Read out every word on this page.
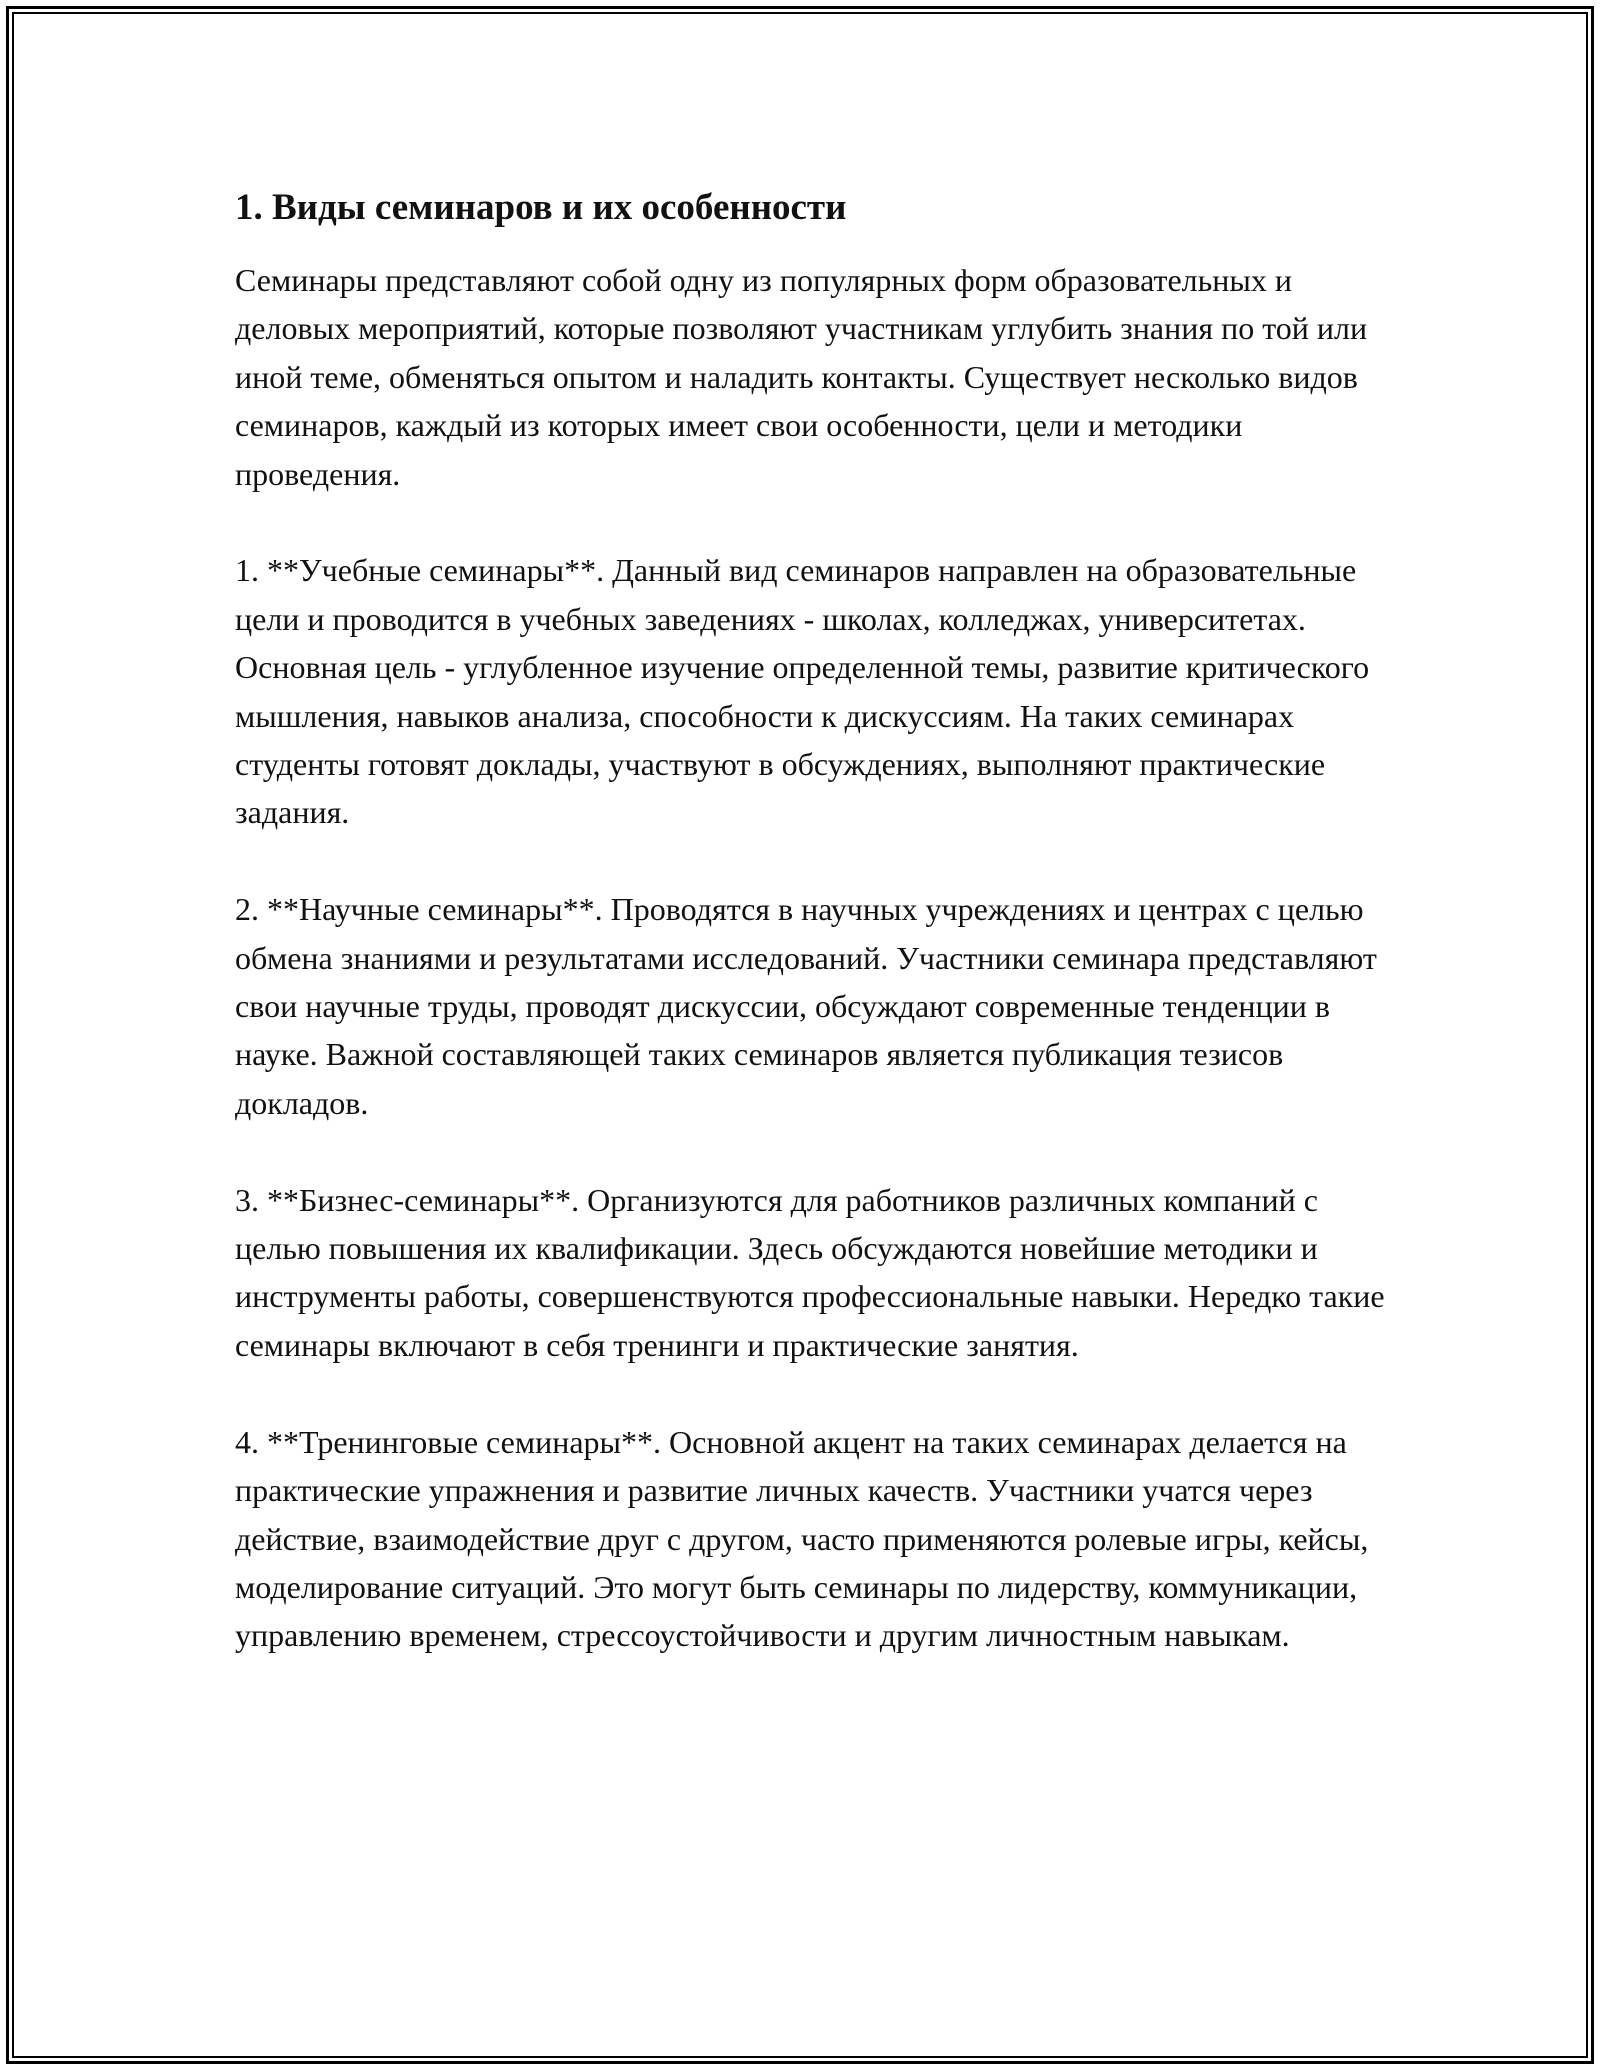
1. Виды семинаров и их особенности

Семинары представляют собой одну из популярных форм образовательных и деловых мероприятий, которые позволяют участникам углубить знания по той или иной теме, обменяться опытом и наладить контакты. Существует несколько видов семинаров, каждый из которых имеет свои особенности, цели и методики проведения.

1. **Учебные семинары**. Данный вид семинаров направлен на образовательные цели и проводится в учебных заведениях - школах, колледжах, университетах. Основная цель - углубленное изучение определенной темы, развитие критического мышления, навыков анализа, способности к дискуссиям. На таких семинарах студенты готовят доклады, участвуют в обсуждениях, выполняют практические задания.

2. **Научные семинары**. Проводятся в научных учреждениях и центрах с целью обмена знаниями и результатами исследований. Участники семинара представляют свои научные труды, проводят дискуссии, обсуждают современные тенденции в науке. Важной составляющей таких семинаров является публикация тезисов докладов.

3. **Бизнес-семинары**. Организуются для работников различных компаний с целью повышения их квалификации. Здесь обсуждаются новейшие методики и инструменты работы, совершенствуются профессиональные навыки. Нередко такие семинары включают в себя тренинги и практические занятия.

4. **Тренинговые семинары**. Основной акцент на таких семинарах делается на практические упражнения и развитие личных качеств. Участники учатся через действие, взаимодействие друг с другом, часто применяются ролевые игры, кейсы, моделирование ситуаций. Это могут быть семинары по лидерству, коммуникации, управлению временем, стрессоустойчивости и другим личностным навыкам.
